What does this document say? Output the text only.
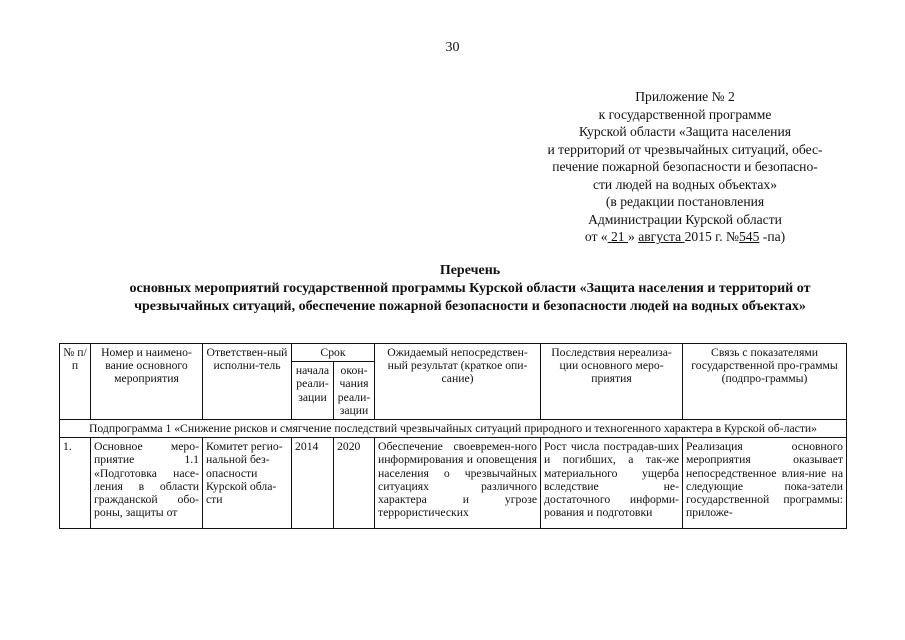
30
Приложение № 2
к государственной программе
Курской области «Защита населения
и территорий от чрезвычайных ситуаций, обес-
печение пожарной безопасности и безопасно-
сти людей на водных объектах»
(в редакции постановления
Администрации Курской области
от « 21 » августа 2015 г. №545 -па)
Перечень
основных мероприятий государственной программы Курской области «Защита населения и территорий от
чрезвычайных ситуаций, обеспечение пожарной безопасности и безопасности людей на водных объектах»
№ п/п	Номер и наимено-вание основного мероприятия	Ответствен-ный исполни-тель	Срок		Ожидаемый непосредствен-ный результат (краткое опи-сание)	Последствия нереализа-ции основного меро-приятия	Связь с показателями государственной про-граммы (подпро-граммы)
			начала реали-зации	окон-чания реали-зации			
Подпрограмма 1 «Снижение рисков и смягчение последствий чрезвычайных ситуаций природного и техногенного характера в Курской об-ласти»							
1.	Основное меро-приятие 1.1 «Подготовка насе-ления в области гражданской обо-роны, защиты от	Комитет регио-нальной без-опасности Курской обла-сти	2014	2020	Обеспечение своевремен-ного информирования и оповещения населения о чрезвычайных ситуациях различного характера и угрозе террористических	Рост числа пострадав-ших и погибших, а так-же материального ущерба вследствие не-достаточного информи-рования и подготовки	Реализация основного мероприятия оказывает непосредственное влия-ние на следующие пока-затели государственной программы: приложе-
